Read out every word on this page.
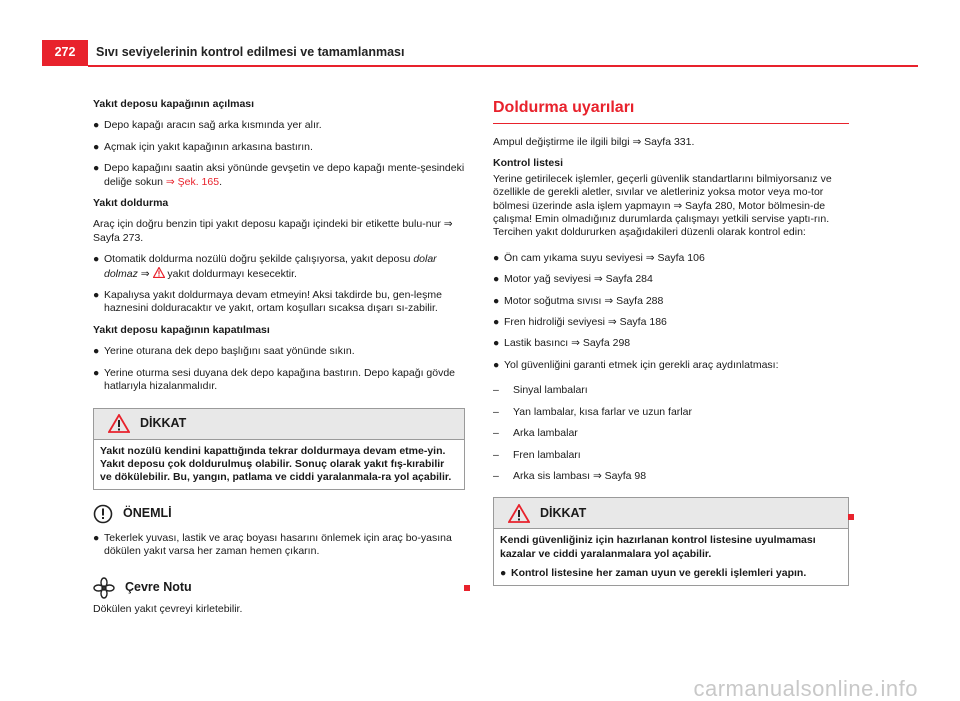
272	Sıvı seviyelerinin kontrol edilmesi ve tamamlanması

Yakıt deposu kapağının açılması

● Depo kapağı aracın sağ arka kısmında yer alır.
● Açmak için yakıt kapağının arkasına bastırın.
● Depo kapağını saatin aksi yönünde gevşetin ve depo kapağı mente-şesindeki deliğe sokun ⇒ Şek. 165.

Yakıt doldurma

Araç için doğru benzin tipi yakıt deposu kapağı içindeki bir etikette bulu-nur ⇒ Sayfa 273.

● Otomatik doldurma nozülü doğru şekilde çalışıyorsa, yakıt deposu dolar dolmaz ⇒  yakıt doldurmayı kesecektir.
● Kapalıysa yakıt doldurmaya devam etmeyin! Aksi takdirde bu, gen-leşme haznesini dolduracaktır ve yakıt, ortam koşulları sıcaksa dışarı sı-zabilir.

Yakıt deposu kapağının kapatılması

● Yerine oturana dek depo başlığını saat yönünde sıkın.
● Yerine oturma sesi duyana dek depo kapağına bastırın. Depo kapağı gövde hatlarıyla hizalanmalıdır.
DİKKAT
Yakıt nozülü kendini kapattığında tekrar doldurmaya devam etme-yin. Yakıt deposu çok doldurulmuş olabilir. Sonuç olarak yakıt fış-kırabilir ve dökülebilir. Bu, yangın, patlama ve ciddi yaralanmala-ra yol açabilir.
ÖNEMLİ
● Tekerlek yuvası, lastik ve araç boyası hasarını önlemek için araç bo-yasına dökülen yakıt varsa her zaman hemen çıkarın.
Çevre Notu

Dökülen yakıt çevreyi kirletebilir.

Doldurma uyarıları

Ampul değiştirme ile ilgili bilgi ⇒ Sayfa 331.

Kontrol listesi

Yerine getirilecek işlemler, geçerli güvenlik standartlarını bilmiyorsanız ve özellikle de gerekli aletler, sıvılar ve aletleriniz yoksa motor veya mo-tor bölmesi üzerinde asla işlem yapmayın ⇒ Sayfa 280, Motor bölmesin-de çalışma! Emin olmadığınız durumlarda çalışmayı yetkili servise yaptı-rın. Tercihen yakıt doldururken aşağıdakileri düzenli olarak kontrol edin:

● Ön cam yıkama suyu seviyesi ⇒ Sayfa 106
● Motor yağ seviyesi ⇒ Sayfa 284
● Motor soğutma sıvısı ⇒ Sayfa 288
● Fren hidroliği seviyesi ⇒ Sayfa 186
● Lastik basıncı ⇒ Sayfa 298
● Yol güvenliğini garanti etmek için gerekli araç aydınlatması:
–	Sinyal lambaları
–	Yan lambalar, kısa farlar ve uzun farlar
–	Arka lambalar
–	Fren lambaları
–	Arka sis lambası ⇒ Sayfa 98
DİKKAT

Kendi güvenliğiniz için hazırlanan kontrol listesine uyulmaması kazalar ve ciddi yaralanmalara yol açabilir.

● Kontrol listesine her zaman uyun ve gerekli işlemleri yapın.
carmanualsonline.info
